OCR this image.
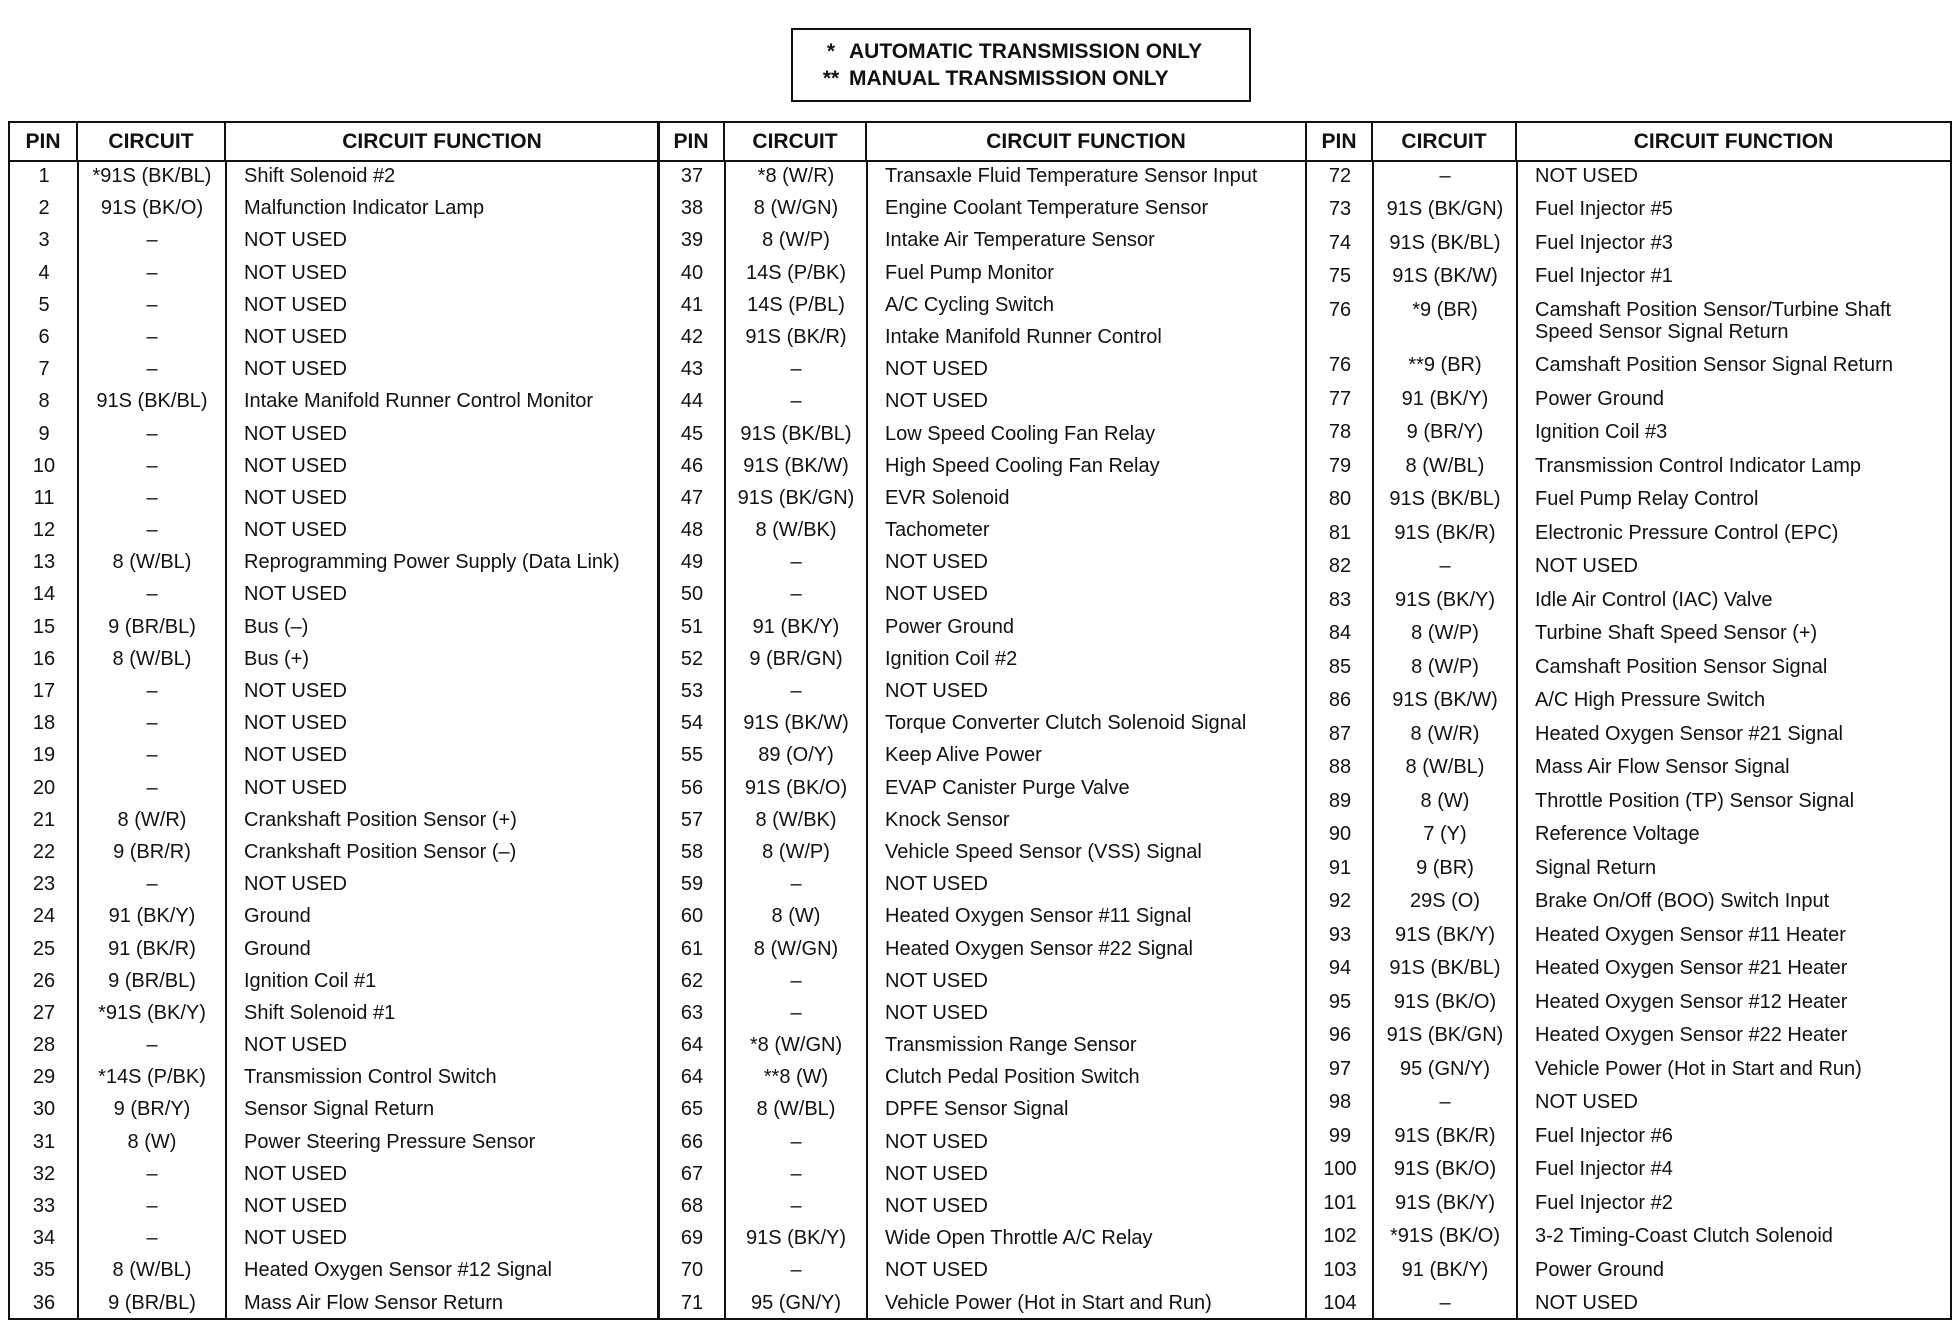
* AUTOMATIC TRANSMISSION ONLY
** MANUAL TRANSMISSION ONLY
PIN	CIRCUIT	CIRCUIT FUNCTION
1	*91S (BK/BL)	Shift Solenoid #2
2	91S (BK/O)	Malfunction Indicator Lamp
3	–	NOT USED
4	–	NOT USED
5	–	NOT USED
6	–	NOT USED
7	–	NOT USED
8	91S (BK/BL)	Intake Manifold Runner Control Monitor
9	–	NOT USED
10	–	NOT USED
11	–	NOT USED
12	–	NOT USED
13	8 (W/BL)	Reprogramming Power Supply (Data Link)
14	–	NOT USED
15	9 (BR/BL)	Bus (–)
16	8 (W/BL)	Bus (+)
17	–	NOT USED
18	–	NOT USED
19	–	NOT USED
20	–	NOT USED
21	8 (W/R)	Crankshaft Position Sensor (+)
22	9 (BR/R)	Crankshaft Position Sensor (–)
23	–	NOT USED
24	91 (BK/Y)	Ground
25	91 (BK/R)	Ground
26	9 (BR/BL)	Ignition Coil #1
27	*91S (BK/Y)	Shift Solenoid #1
28	–	NOT USED
29	*14S (P/BK)	Transmission Control Switch
30	9 (BR/Y)	Sensor Signal Return
31	8 (W)	Power Steering Pressure Sensor
32	–	NOT USED
33	–	NOT USED
34	–	NOT USED
35	8 (W/BL)	Heated Oxygen Sensor #12 Signal
36	9 (BR/BL)	Mass Air Flow Sensor Return
PIN	CIRCUIT	CIRCUIT FUNCTION
37	*8 (W/R)	Transaxle Fluid Temperature Sensor Input
38	8 (W/GN)	Engine Coolant Temperature Sensor
39	8 (W/P)	Intake Air Temperature Sensor
40	14S (P/BK)	Fuel Pump Monitor
41	14S (P/BL)	A/C Cycling Switch
42	91S (BK/R)	Intake Manifold Runner Control
43	–	NOT USED
44	–	NOT USED
45	91S (BK/BL)	Low Speed Cooling Fan Relay
46	91S (BK/W)	High Speed Cooling Fan Relay
47	91S (BK/GN)	EVR Solenoid
48	8 (W/BK)	Tachometer
49	–	NOT USED
50	–	NOT USED
51	91 (BK/Y)	Power Ground
52	9 (BR/GN)	Ignition Coil #2
53	–	NOT USED
54	91S (BK/W)	Torque Converter Clutch Solenoid Signal
55	89 (O/Y)	Keep Alive Power
56	91S (BK/O)	EVAP Canister Purge Valve
57	8 (W/BK)	Knock Sensor
58	8 (W/P)	Vehicle Speed Sensor (VSS) Signal
59	–	NOT USED
60	8 (W)	Heated Oxygen Sensor #11 Signal
61	8 (W/GN)	Heated Oxygen Sensor #22 Signal
62	–	NOT USED
63	–	NOT USED
64	*8 (W/GN)	Transmission Range Sensor
64	**8 (W)	Clutch Pedal Position Switch
65	8 (W/BL)	DPFE Sensor Signal
66	–	NOT USED
67	–	NOT USED
68	–	NOT USED
69	91S (BK/Y)	Wide Open Throttle A/C Relay
70	–	NOT USED
71	95 (GN/Y)	Vehicle Power (Hot in Start and Run)
PIN	CIRCUIT	CIRCUIT FUNCTION
72	–	NOT USED
73	91S (BK/GN)	Fuel Injector #5
74	91S (BK/BL)	Fuel Injector #3
75	91S (BK/W)	Fuel Injector #1
76	*9 (BR)	Camshaft Position Sensor/Turbine Shaft Speed Sensor Signal Return
76	**9 (BR)	Camshaft Position Sensor Signal Return
77	91 (BK/Y)	Power Ground
78	9 (BR/Y)	Ignition Coil #3
79	8 (W/BL)	Transmission Control Indicator Lamp
80	91S (BK/BL)	Fuel Pump Relay Control
81	91S (BK/R)	Electronic Pressure Control (EPC)
82	–	NOT USED
83	91S (BK/Y)	Idle Air Control (IAC) Valve
84	8 (W/P)	Turbine Shaft Speed Sensor (+)
85	8 (W/P)	Camshaft Position Sensor Signal
86	91S (BK/W)	A/C High Pressure Switch
87	8 (W/R)	Heated Oxygen Sensor #21 Signal
88	8 (W/BL)	Mass Air Flow Sensor Signal
89	8 (W)	Throttle Position (TP) Sensor Signal
90	7 (Y)	Reference Voltage
91	9 (BR)	Signal Return
92	29S (O)	Brake On/Off (BOO) Switch Input
93	91S (BK/Y)	Heated Oxygen Sensor #11 Heater
94	91S (BK/BL)	Heated Oxygen Sensor #21 Heater
95	91S (BK/O)	Heated Oxygen Sensor #12 Heater
96	91S (BK/GN)	Heated Oxygen Sensor #22 Heater
97	95 (GN/Y)	Vehicle Power (Hot in Start and Run)
98	–	NOT USED
99	91S (BK/R)	Fuel Injector #6
100	91S (BK/O)	Fuel Injector #4
101	91S (BK/Y)	Fuel Injector #2
102	*91S (BK/O)	3-2 Timing-Coast Clutch Solenoid
103	91 (BK/Y)	Power Ground
104	–	NOT USED
